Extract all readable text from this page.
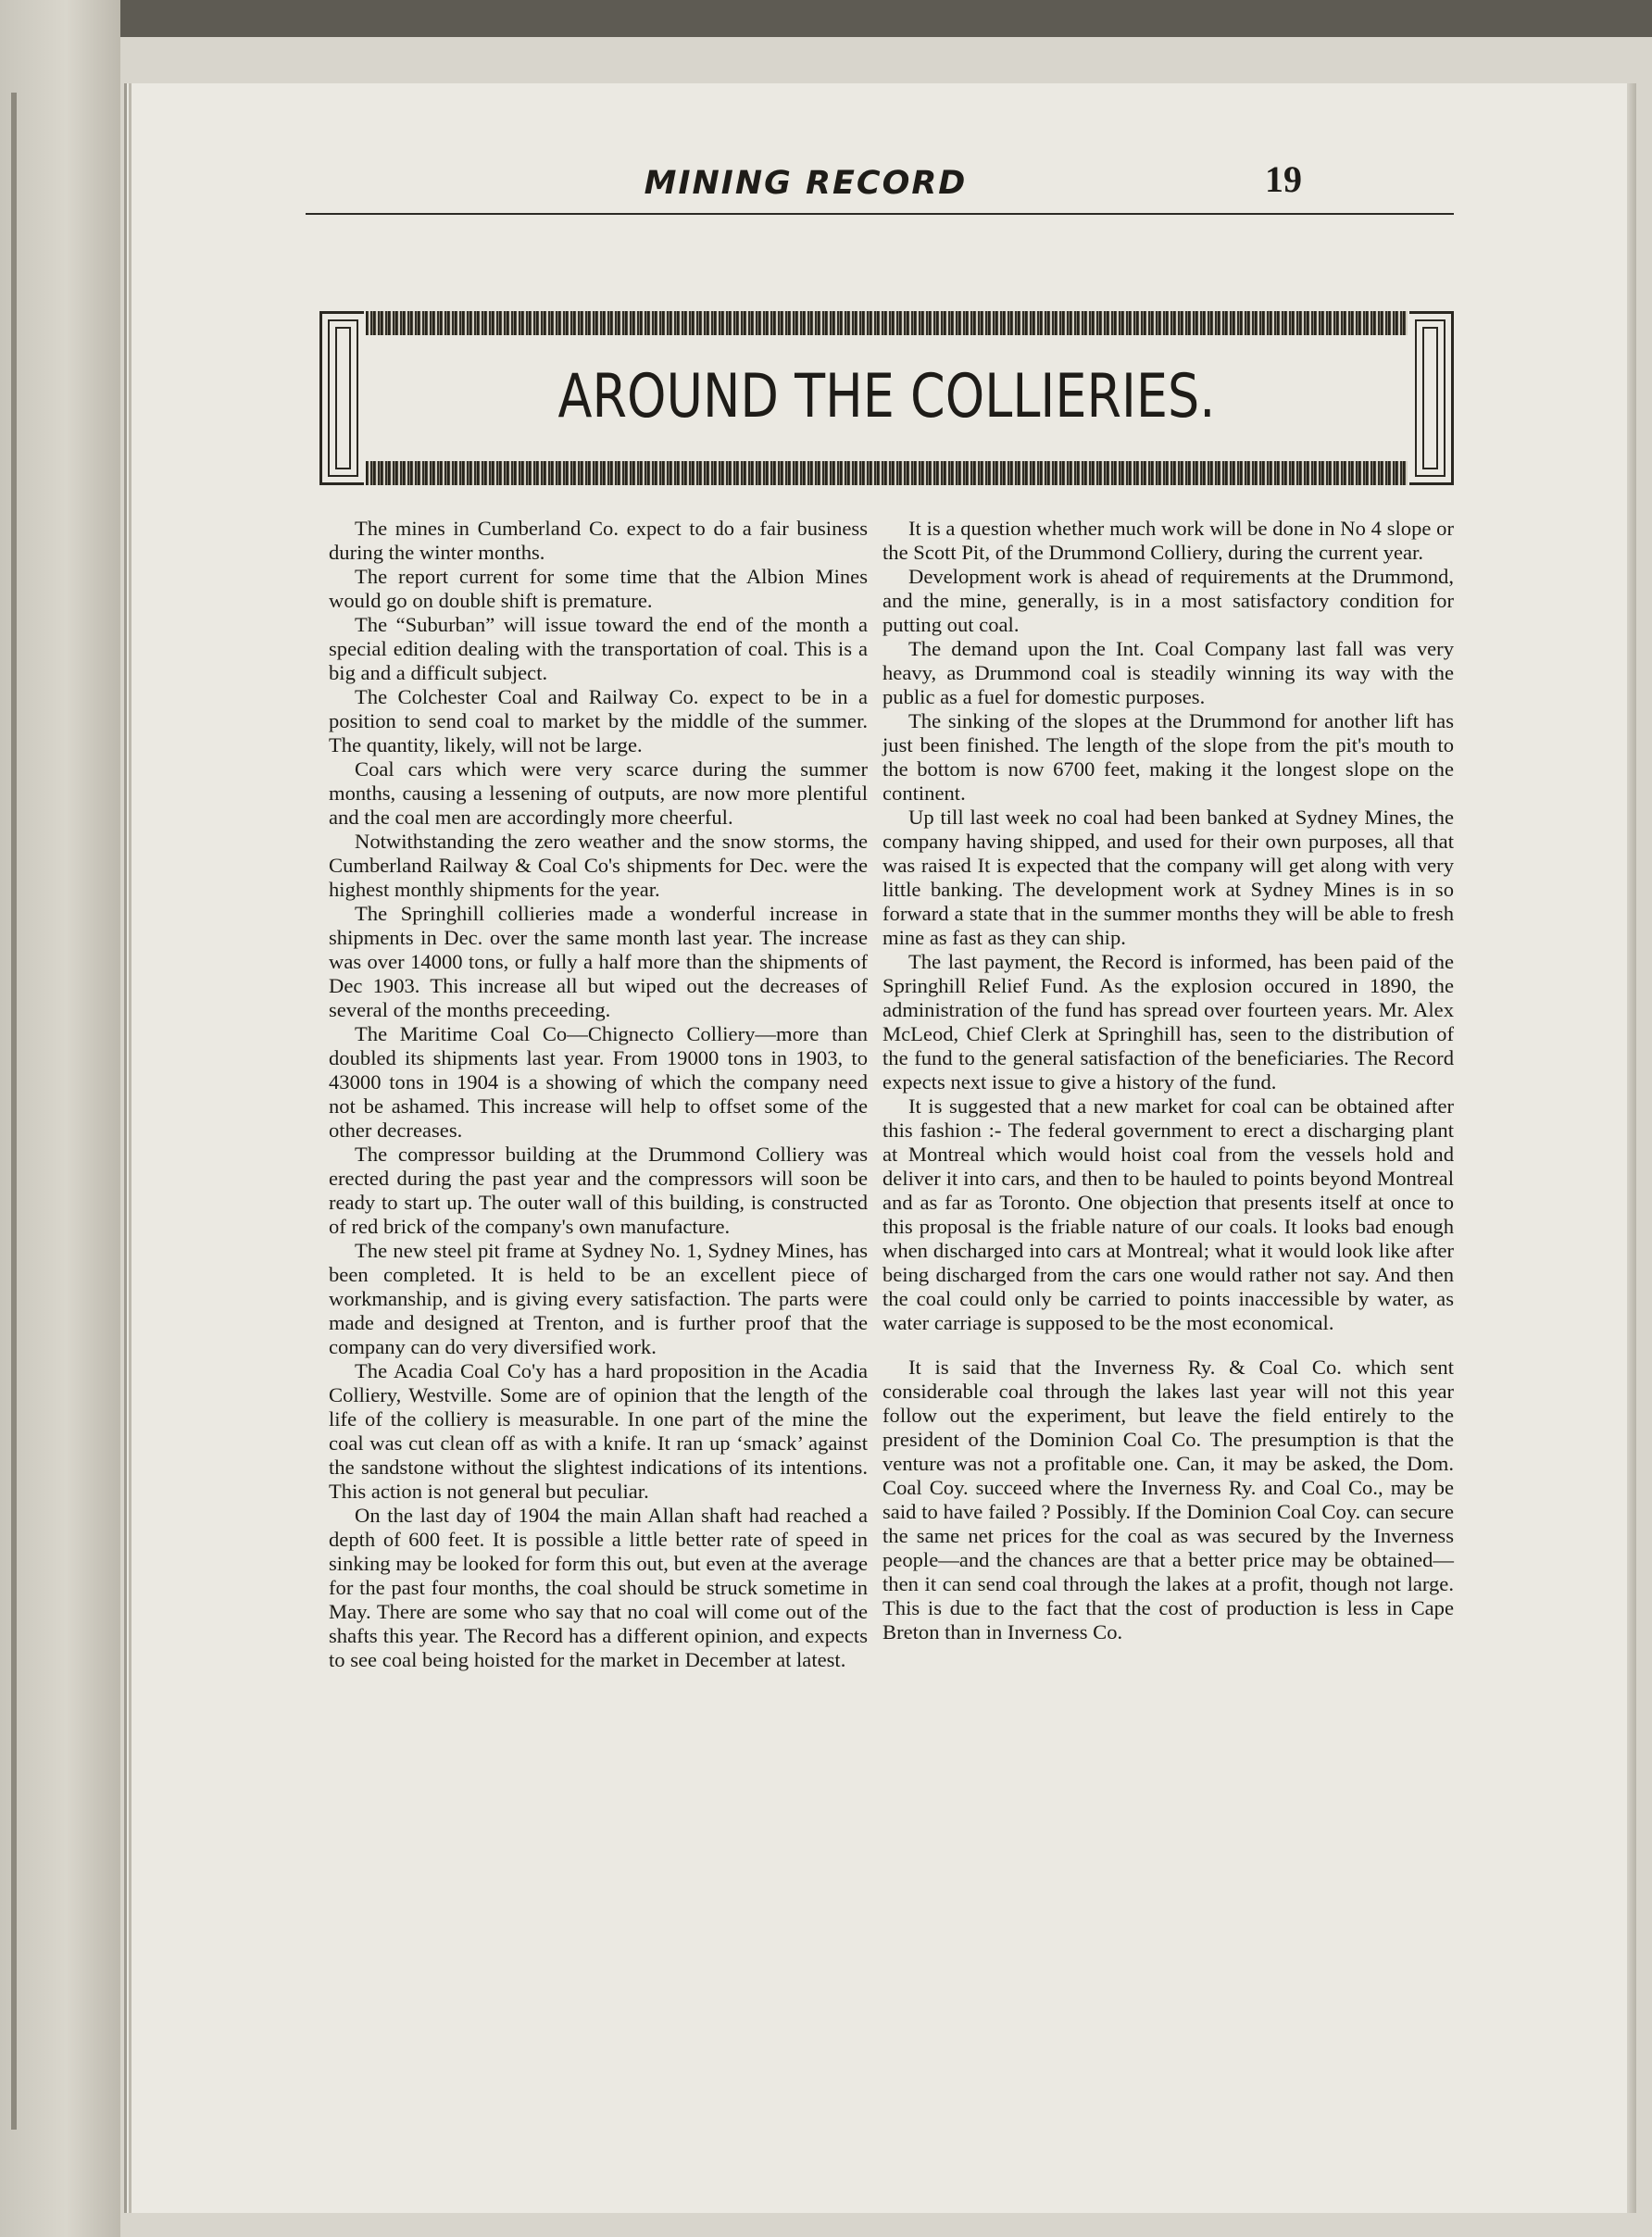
MINING RECORD	19
AROUND THE COLLIERIES.

The mines in Cumberland Co. expect to do a fair business during the winter months.

The report current for some time that the Albion Mines would go on double shift is premature.

The “Suburban” will issue toward the end of the month a special edition dealing with the transportation of coal. This is a big and a difficult subject.

The Colchester Coal and Railway Co. expect to be in a position to send coal to market by the middle of the summer. The quantity, likely, will not be large.

Coal cars which were very scarce during the summer months, causing a lessening of outputs, are now more plentiful and the coal men are accordingly more cheerful.

Notwithstanding the zero weather and the snow storms, the Cumberland Railway & Coal Co's shipments for Dec. were the highest monthly shipments for the year.

The Springhill collieries made a wonderful increase in shipments in Dec. over the same month last year. The increase was over 14000 tons, or fully a half more than the shipments of Dec 1903. This increase all but wiped out the decreases of several of the months preceeding.

The Maritime Coal Co—Chignecto Colliery—more than doubled its shipments last year. From 19000 tons in 1903, to 43000 tons in 1904 is a showing of which the company need not be ashamed. This increase will help to offset some of the other decreases.

The compressor building at the Drummond Colliery was erected during the past year and the compressors will soon be ready to start up. The outer wall of this building, is constructed of red brick of the company's own manufacture.

The new steel pit frame at Sydney No. 1, Sydney Mines, has been completed. It is held to be an excellent piece of workmanship, and is giving every satisfaction. The parts were made and designed at Trenton, and is further proof that the company can do very diversified work.

The Acadia Coal Co'y has a hard proposition in the Acadia Colliery, Westville. Some are of opinion that the length of the life of the colliery is measurable. In one part of the mine the coal was cut clean off as with a knife. It ran up ‘smack’ against the sandstone without the slightest indications of its intentions. This action is not general but peculiar.

On the last day of 1904 the main Allan shaft had reached a depth of 600 feet. It is possible a little better rate of speed in sinking may be looked for form this out, but even at the average for the past four months, the coal should be struck sometime in May. There are some who say that no coal will come out of the shafts this year. The Record has a different opinion, and expects to see coal being hoisted for the market in December at latest.

It is a question whether much work will be done in No 4 slope or the Scott Pit, of the Drummond Colliery, during the current year.

Development work is ahead of requirements at the Drummond, and the mine, generally, is in a most satisfactory condition for putting out coal.

The demand upon the Int. Coal Company last fall was very heavy, as Drummond coal is steadily winning its way with the public as a fuel for domestic purposes.

The sinking of the slopes at the Drummond for another lift has just been finished. The length of the slope from the pit's mouth to the bottom is now 6700 feet, making it the longest slope on the continent.

Up till last week no coal had been banked at Sydney Mines, the company having shipped, and used for their own purposes, all that was raised It is expected that the company will get along with very little banking. The development work at Sydney Mines is in so forward a state that in the summer months they will be able to fresh mine as fast as they can ship.

The last payment, the Record is informed, has been paid of the Springhill Relief Fund. As the explosion occured in 1890, the administration of the fund has spread over fourteen years. Mr. Alex McLeod, Chief Clerk at Springhill has, seen to the distribution of the fund to the general satisfaction of the beneficiaries. The Record expects next issue to give a history of the fund.

It is suggested that a new market for coal can be obtained after this fashion :- The federal government to erect a discharging plant at Montreal which would hoist coal from the vessels hold and deliver it into cars, and then to be hauled to points beyond Montreal and as far as Toronto. One objection that presents itself at once to this proposal is the friable nature of our coals. It looks bad enough when discharged into cars at Montreal; what it would look like after being discharged from the cars one would rather not say. And then the coal could only be carried to points inaccessible by water, as water carriage is supposed to be the most economical.

It is said that the Inverness Ry. & Coal Co. which sent considerable coal through the lakes last year will not this year follow out the experiment, but leave the field entirely to the president of the Dominion Coal Co. The presumption is that the venture was not a profitable one. Can, it may be asked, the Dom. Coal Coy. succeed where the Inverness Ry. and Coal Co., may be said to have failed ? Possibly. If the Dominion Coal Coy. can secure the same net prices for the coal as was secured by the Inverness people—and the chances are that a better price may be obtained—then it can send coal through the lakes at a profit, though not large. This is due to the fact that the cost of production is less in Cape Breton than in Inverness Co.
